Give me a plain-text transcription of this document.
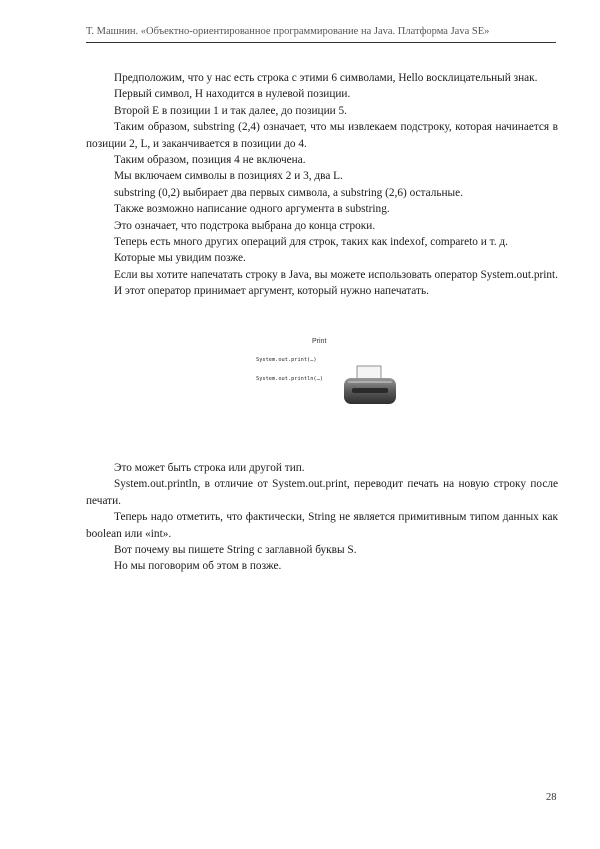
Т. Машнин. «Объектно-ориентированное программирование на Java. Платформа Java SE»

Предположим, что у нас есть строка с этими 6 символами, Hello восклицательный знак.

Первый символ, H находится в нулевой позиции.

Второй E в позиции 1 и так далее, до позиции 5.

Таким образом, substring (2,4) означает, что мы извлекаем подстроку, которая начинается в позиции 2, L, и заканчивается в позиции до 4.

Таким образом, позиция 4 не включена.

Мы включаем символы в позициях 2 и 3, два L.

substring (0,2) выбирает два первых символа, а substring (2,6) остальные.

Также возможно написание одного аргумента в substring.

Это означает, что подстрока выбрана до конца строки.

Теперь есть много других операций для строк, таких как indexof, compareto и т. д.

Которые мы увидим позже.

Если вы хотите напечатать строку в Java, вы можете использовать оператор System.out.print.

И этот оператор принимает аргумент, который нужно напечатать.

Print
System.out.print(…)
System.out.println(…)

Это может быть строка или другой тип.

System.out.println, в отличие от System.out.print, переводит печать на новую строку после печати.

Теперь надо отметить, что фактически, String не является примитивным типом данных как boolean или «int».

Вот почему вы пишете String с заглавной буквы S.

Но мы поговорим об этом в позже.

28
